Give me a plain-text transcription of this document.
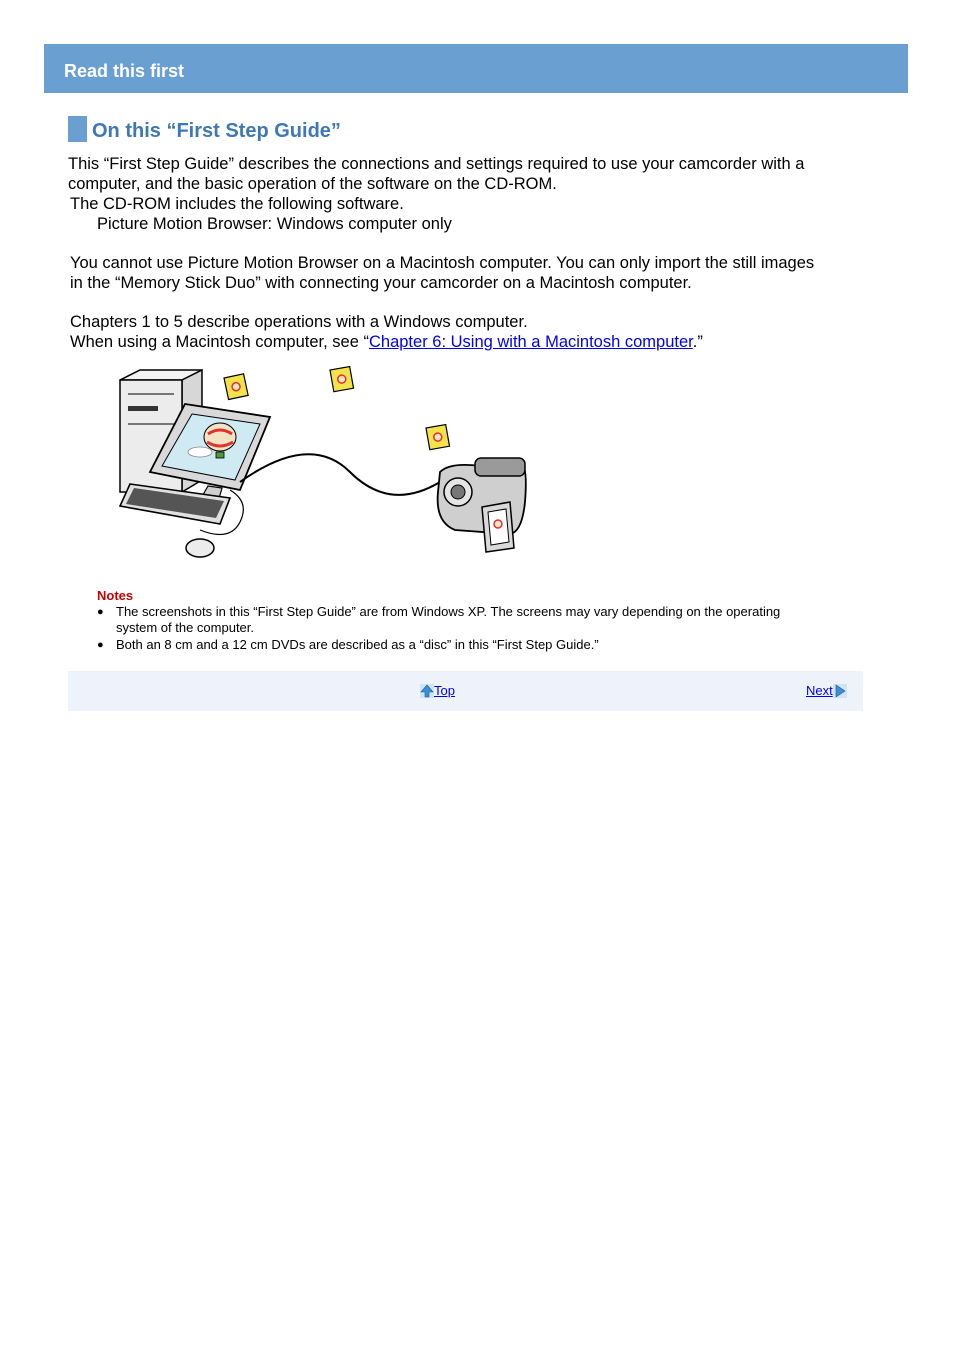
Read this first
On this “First Step Guide”
This “First Step Guide” describes the connections and settings required to use your camcorder with a
computer, and the basic operation of the software on the CD-ROM.
The CD-ROM includes the following software.
Picture Motion Browser: Windows computer only
You cannot use Picture Motion Browser on a Macintosh computer. You can only import the still images
in the “Memory Stick Duo” with connecting your camcorder on a Macintosh computer.
Chapters 1 to 5 describe operations with a Windows computer.
When using a Macintosh computer, see “Chapter 6: Using with a Macintosh computer.”
Notes
● The screenshots in this “First Step Guide” are from Windows XP. The screens may vary depending on the operating
system of the computer.
● Both an 8 cm and a 12 cm DVDs are described as a “disc” in this “First Step Guide.”
Top	Next
